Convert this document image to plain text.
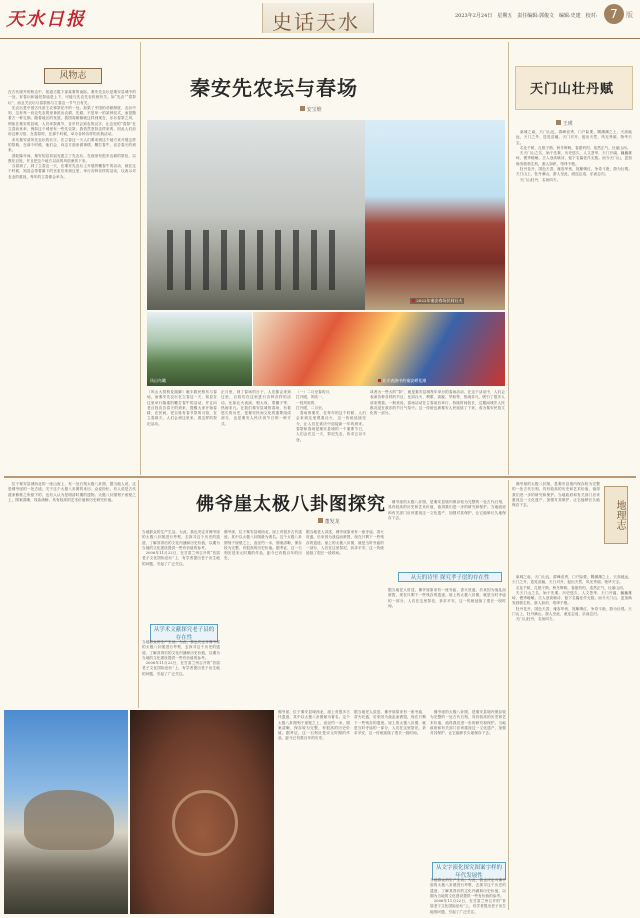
天水日报	史话天水	2023年2月24日　星期五　责任编辑:郭俊文　编辑:史建　校对:	7	版
风物志
在古代城外的桥边中，知道古陇下部某要的南际。秦安先农坛是秦安县城中的一处，好春坛和福信祭庙是上下，可能与先农先农传统有关。如“先农”“春祭坛”，而且关农坛与春祭都与立春这一节气日有关。
　先农坛是中国古代帝王农事祭祀中的一处。如果了中国的劝耕制度，农坛中则，这有每一向农先农观里神祇出农耕，先耕，不是单一的某种仪式，而是随着古一种礼制。随着地区的发展，我国周朝翰就这样到现在，乐坛春祭之风，例如在秦安的县城，人们举祭典节，各乡村会到农的汉字，让这里的“春祭”在立春前来举，例如这个城里有一些先农祭，我依然坚持这样来的，因此人们前用这种习俗，在春祭时，在那个时候，举办各种各样的庆典活动。
　宋代秦安清风先农坛的坛宇，在立春这一天人们要来到这个地方来开展这样的祭典，在那个时候，他们会，向这方面来做事情，鞭打春牛，宣告春天的到来。
　清乾隆年间，秦安知县刘祖光建立了先农坛，在那里有很多农耕的祭仪，以教化百姓，并且把这个地方以前的风俗流传下来。
　当春到了，到了立春这一天，在秦安先农坛上开展的鞭春牛的活动，就在这个时候，知县会带着属下的官吏们来到这里，举行各种各样的活动，以表示对农业的重视，每年的立春都会举办。
秦安先农坛与春场
安宝维
2022年秦安春场民间社火
风山鸟瞰	社火表演中的秦安崂花滩
（风山大拱桥及瑞脚）雍丰路民桥布与春场，而秦安先农坛在立春这一天，知县在这里举行隆重的鞭打春牛的活动，并且向老百姓宣告春天的到来，提醒大家开始春耕，在民间，老百姓有春节祭的习俗，在立春那天，人们会到这里来，看这样的祭祀活动。
正月里，到了春场的日子，人们都会来到这里，百姓们在这里进行各种各样的活动，比如社火表演，唱大戏，耍狮子等，热闹非凡。在我们秦安县城的春场，有着悠久的历史，是秦安民间文化的重要组成部分，也是秦安人民庆祝节日的一种方式。
（一）二月至春的月，
打开眼，风吹一，
一枝风里的，
打开眼，二月至。
　春场的秦安，在每年的这个时候，人们会来到这里观看社火，这一传统延续至今，让人们在欢庆中迎接新一年的到来。春祭和春场是秦安县城的一个重要节日，人们会在这一天，祭祀先农，祈求五谷丰登。
或者为一些大的“祭”，就是秦安县城每年举行的春场活动，在这个活动中，人们会表演各种各样的节目，比如社火、秧歌、高跷、旱船等，热闹非凡，吸引了很多人前来观看。一般来说，春场活动在立春前后举行，持续时间较长，这期间城乡人民都沉浸在欢乐的节日气氛中。这一传统也被秦安人民延续了下来，成为秦安民俗文化的一部分。
天门山壮丹赋
王瑛
　莱城之南，天门山也，群峰竞秀，门户险要，腾渊渊之上，天高地远，天门之外，迭见浩瀚，天门对开，挺出天然，风光秀丽，物华天宝。
　名花千树，扎根于斯，秋冬辉映，春夏灼灼，浩然正气，壮丽山河。
　夫天门山之名，始于先秦，历史悠久，人文荟萃，天门开阖，巍巍雄峙，俊秀峻峭。古人登高赋诗，留下名篇佳作无数。而今天门山，更加焕发勃勃生机，游人如织，络绎不绝。
　牡丹花开，国色天香，雍容华贵，姹紫嫣红，争奇斗艳，蔚为壮观。天门山上，牡丹满山，游人至此，流连忘返，乐而忘归。
　天门山牡丹，名扬四方。
　位于秦安县城西北的一座山崖上，有一处石刻太极八卦图，据当地人说，这是佛爷崖的一处古迹。关于这个太极八卦图的来历，众说纷纭，有人说是古代道家修炼之所留下的，也有人认为是明清时期的遗物。太极八卦图刻于崖壁之上，图案清晰，线条流畅，具有较高的艺术价值和历史研究价值。	佛爷崖太极八卦图探究
董发龙
当地群众的生产生活。为此，我也决定对佛爷崖的太极八卦图进行考察，去探寻这个历史的遗迹，了解其背后的文化内涵和历史价值，以期为当地的文化建设提供一些有价值的参考。
　2006年11月22日，在甘肃兰州召开的“首届老子文化国际论坛”上，有学者提出老子出生地的问题，引起了广泛关注。
从学术文献探究老子县的存在性
当地群众的生产生活。为此，我也决定对佛爷崖的太极八卦图进行考察，去探寻这个历史的遗迹，了解其背后的文化内涵和历史价值，以期为当地的文化建设提供一些有价值的参考。
　2006年11月22日，在甘肃兰州召开的“首届老子文化国际论坛”上，有学者提出老子出生地的问题，引起了广泛关注。
佛爷崖，位于秦安县城西北，崖上有很多古代遗迹，其中以太极八卦图最为著名。这个太极八卦图刻于崖壁之上，直径约一米，图案清晰，保存较为完整，有很高的历史价值。据考证，这一石刻应是宋元时期的作品，距今已有数百年的历史。
据当地老人讲述，佛爷崖原来有一座寺庙，香火旺盛，后来因为战乱而被毁，现在只剩下一些残存的遗迹。崖上的太极八卦图，就是当时寺庙的一部分，人们在这里祭祀，祈求平安，这一传统延续了很长一段时间。
　佛爷崖的太极八卦图，是秦安县境内保存较为完整的一处古代石刻，具有较高的历史和艺术价值，值得我们进一步的研究和保护。当地政府和有关部门应该重视这一文化遗产，加强对其保护，让它能够长久地保存下去。
从天的诗里 探究孝子崖的存在性
据当地老人讲述，佛爷崖原来有一座寺庙，香火旺盛，后来因为战乱而被毁，现在只剩下一些残存的遗迹。崖上的太极八卦图，就是当时寺庙的一部分，人们在这里祭祀，祈求平安，这一传统延续了很长一段时间。
地理志
　佛爷崖的太极八卦图，是秦安县境内保存较为完整的一处古代石刻，具有较高的历史和艺术价值，值得我们进一步的研究和保护。当地政府和有关部门应该重视这一文化遗产，加强对其保护，让它能够长久地保存下去。
　莱城之南，天门山也，群峰竞秀，门户险要，腾渊渊之上，天高地远，天门之外，迭见浩瀚，天门对开，挺出天然，风光秀丽，物华天宝。
　名花千树，扎根于斯，秋冬辉映，春夏灼灼，浩然正气，壮丽山河。
　夫天门山之名，始于先秦，历史悠久，人文荟萃，天门开阖，巍巍雄峙，俊秀峻峭。古人登高赋诗，留下名篇佳作无数。而今天门山，更加焕发勃勃生机，游人如织，络绎不绝。
　牡丹花开，国色天香，雍容华贵，姹紫嫣红，争奇斗艳，蔚为壮观。天门山上，牡丹满山，游人至此，流连忘返，乐而忘归。
　天门山牡丹，名扬四方。
佛爷崖，位于秦安县城西北，崖上有很多古代遗迹，其中以太极八卦图最为著名。这个太极八卦图刻于崖壁之上，直径约一米，图案清晰，保存较为完整，有很高的历史价值。据考证，这一石刻应是宋元时期的作品，距今已有数百年的历史。
据当地老人讲述，佛爷崖原来有一座寺庙，香火旺盛，后来因为战乱而被毁，现在只剩下一些残存的遗迹。崖上的太极八卦图，就是当时寺庙的一部分，人们在这里祭祀，祈求平安，这一传统延续了很长一段时间。
　佛爷崖的太极八卦图，是秦安县境内保存较为完整的一处古代石刻，具有较高的历史和艺术价值，值得我们进一步的研究和保护。当地政府和有关部门应该重视这一文化遗产，加强对其保护，让它能够长久地保存下去。
从文字演化探究图案字样的年代发展性
当地群众的生产生活。为此，我也决定对佛爷崖的太极八卦图进行考察，去探寻这个历史的遗迹，了解其背后的文化内涵和历史价值，以期为当地的文化建设提供一些有价值的参考。
　2006年11月22日，在甘肃兰州召开的“首届老子文化国际论坛”上，有学者提出老子出生地的问题，引起了广泛关注。
